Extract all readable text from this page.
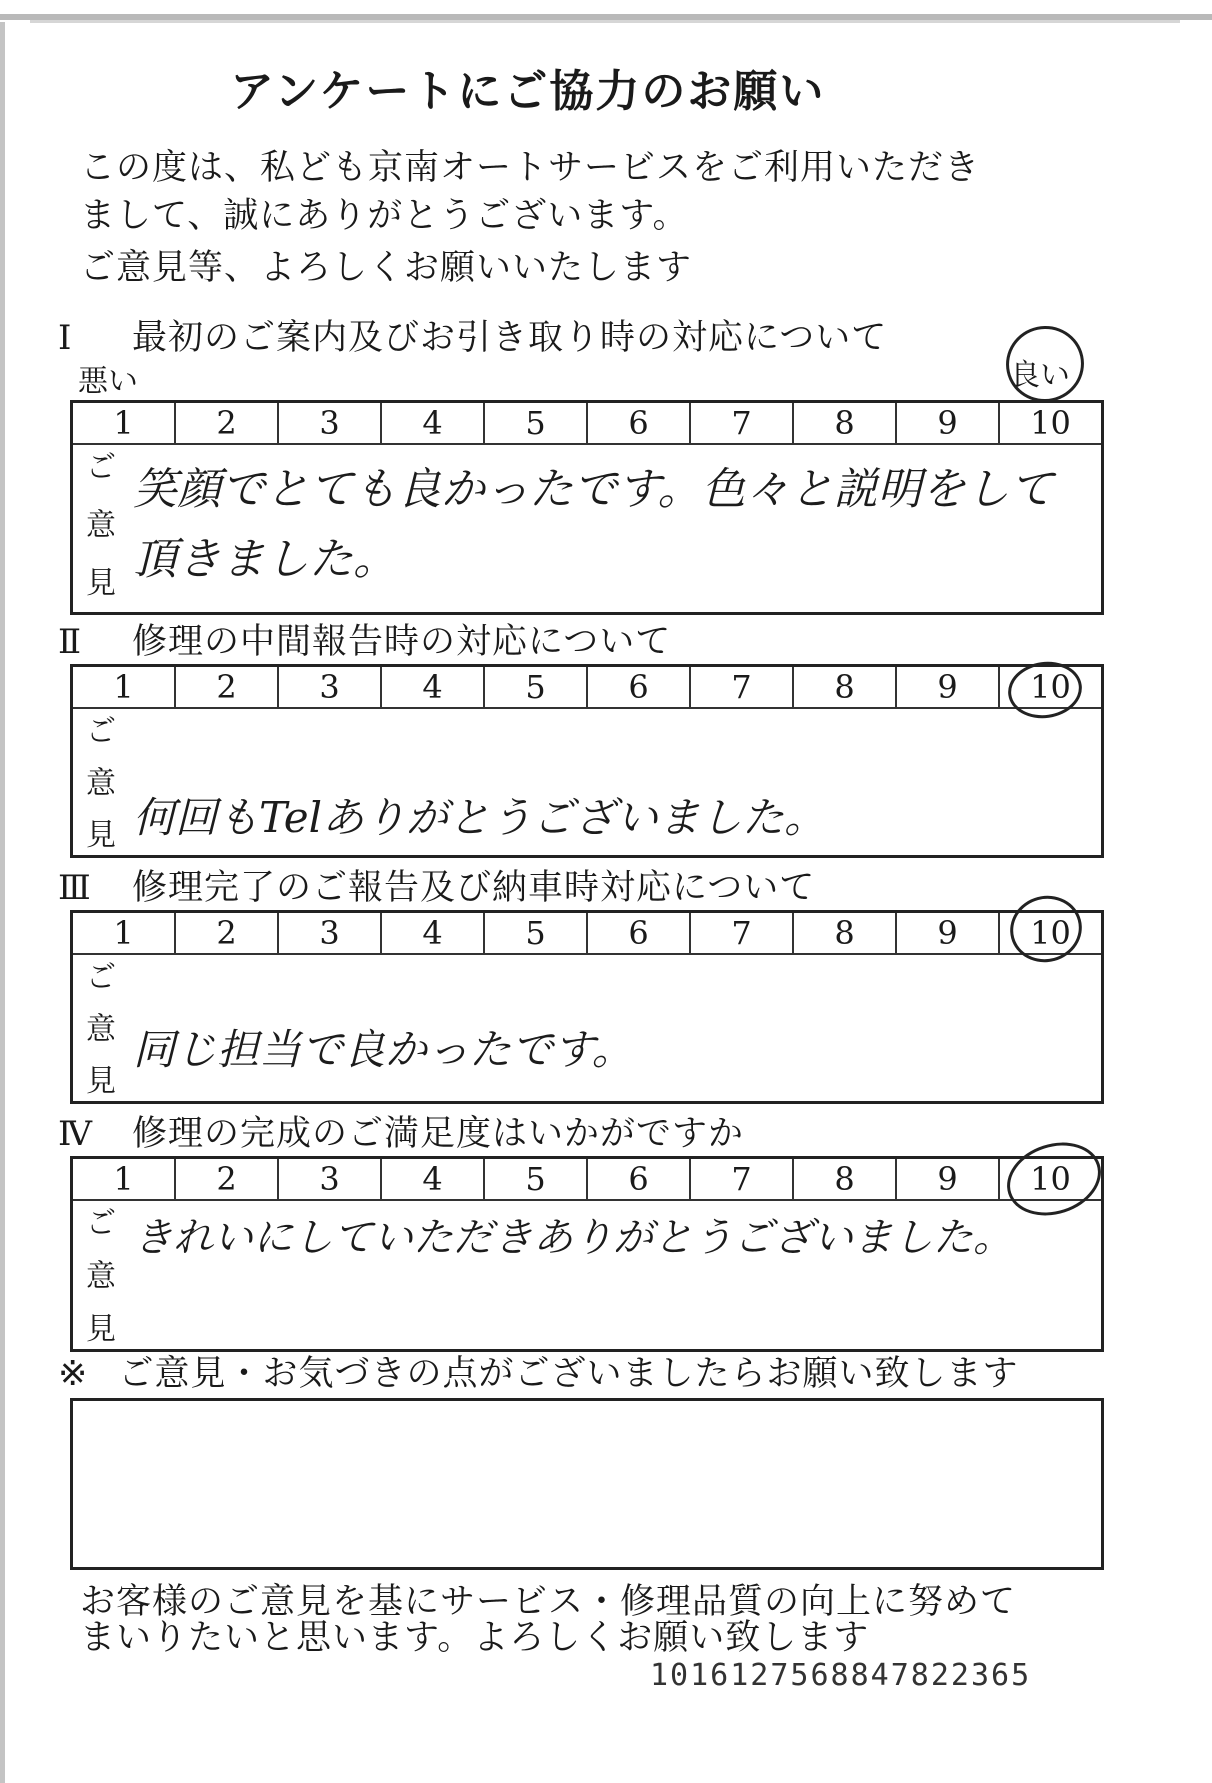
アンケートにご協力のお願い
この度は、私ども京南オートサービスをご利用いただき
まして、誠にありがとうございます。
ご意見等、よろしくお願いいたします
Ⅰ 最初のご案内及びお引き取り時の対応について
悪い	良い
1	2	3	4	5	6	7	8	9	10
ご
意
見
笑顔でとても良かったです。色々と説明をして頂きました。
Ⅱ 修理の中間報告時の対応について
1	2	3	4	5	6	7	8	9	10
ご
意
見 何回もTelありがとうございました。
Ⅲ 修理完了のご報告及び納車時対応について
1	2	3	4	5	6	7	8	9	10
ご
意
見
同じ担当で良かったです。
Ⅳ 修理の完成のご満足度はいかがですか
1	2	3	4	5	6	7	8	9	10
ご
意
見
きれいにしていただきありがとうございました。
※ ご意見・お気づきの点がございましたらお願い致します
お客様のご意見を基にサービス・修理品質の向上に努めて
まいりたいと思います。よろしくお願い致します
1016127568847822365
